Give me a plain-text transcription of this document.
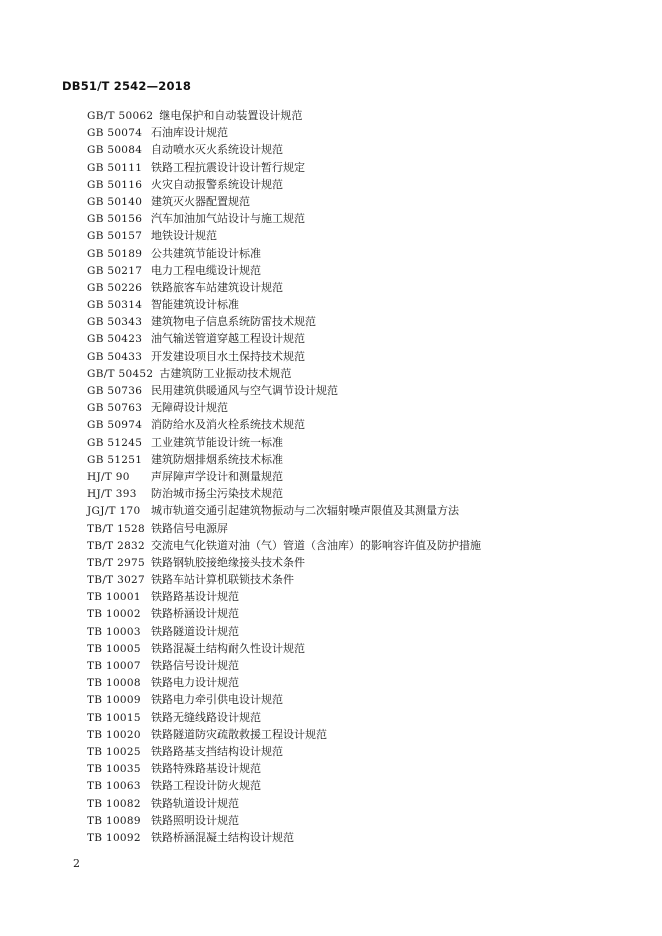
DB51/T 2542—2018
GB/T 50062 继电保护和自动装置设计规范
GB 50074 石油库设计规范
GB 50084 自动喷水灭火系统设计规范
GB 50111 铁路工程抗震设计设计暂行规定
GB 50116 火灾自动报警系统设计规范
GB 50140 建筑灭火器配置规范
GB 50156 汽车加油加气站设计与施工规范
GB 50157 地铁设计规范
GB 50189 公共建筑节能设计标准
GB 50217 电力工程电缆设计规范
GB 50226 铁路旅客车站建筑设计规范
GB 50314 智能建筑设计标准
GB 50343 建筑物电子信息系统防雷技术规范
GB 50423 油气输送管道穿越工程设计规范
GB 50433 开发建设项目水土保持技术规范
GB/T 50452 古建筑防工业振动技术规范
GB 50736 民用建筑供暖通风与空气调节设计规范
GB 50763 无障碍设计规范
GB 50974 消防给水及消火栓系统技术规范
GB 51245 工业建筑节能设计统一标准
GB 51251 建筑防烟排烟系统技术标准
HJ/T 90 声屏障声学设计和测量规范
HJ/T 393 防治城市扬尘污染技术规范
JGJ/T 170 城市轨道交通引起建筑物振动与二次辐射噪声限值及其测量方法
TB/T 1528 铁路信号电源屏
TB/T 2832 交流电气化铁道对油（气）管道（含油库）的影响容许值及防护措施
TB/T 2975 铁路钢轨胶接绝缘接头技术条件
TB/T 3027 铁路车站计算机联锁技术条件
TB 10001 铁路路基设计规范
TB 10002 铁路桥涵设计规范
TB 10003 铁路隧道设计规范
TB 10005 铁路混凝土结构耐久性设计规范
TB 10007 铁路信号设计规范
TB 10008 铁路电力设计规范
TB 10009 铁路电力牵引供电设计规范
TB 10015 铁路无缝线路设计规范
TB 10020 铁路隧道防灾疏散救援工程设计规范
TB 10025 铁路路基支挡结构设计规范
TB 10035 铁路特殊路基设计规范
TB 10063 铁路工程设计防火规范
TB 10082 铁路轨道设计规范
TB 10089 铁路照明设计规范
TB 10092 铁路桥涵混凝土结构设计规范
2
